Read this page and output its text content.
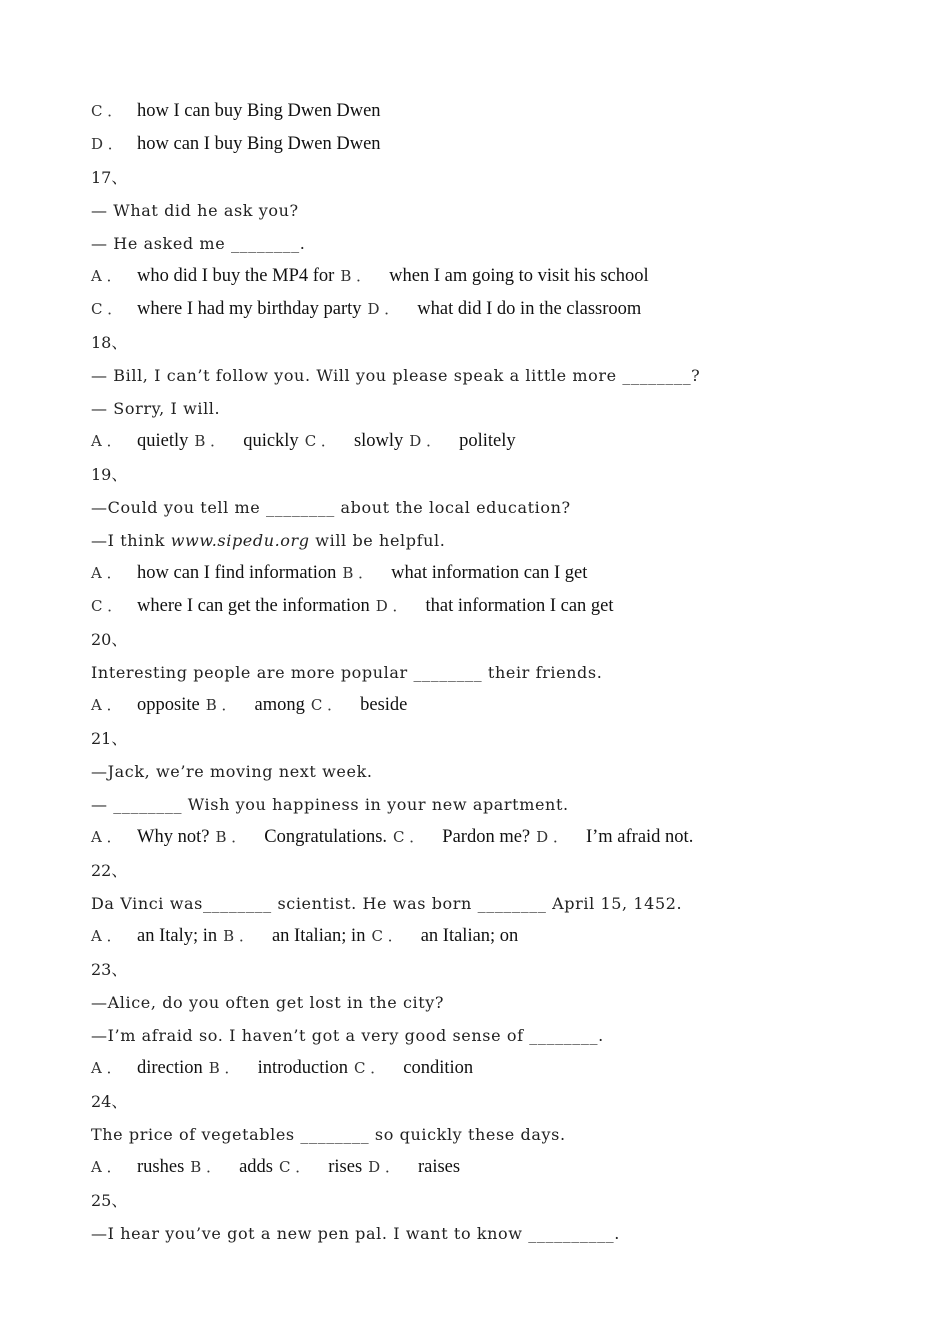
C ． how I can buy Bing Dwen Dwen
D ． how can I buy Bing Dwen Dwen
17、
— What did he ask you?
— He asked me ________.
A ． who did I buy the MP4 for B ． when I am going to visit his school
C ． where I had my birthday party D ． what did I do in the classroom
18、
— Bill, I can’t follow you. Will you please speak a little more ________?
— Sorry, I will.
A ． quietly B ． quickly C ． slowly D ． politely
19、
—Could you tell me ________ about the local education?
—I think www.sipedu.org will be helpful.
A ． how can I find information B ． what information can I get
C ． where I can get the information D ． that information I can get
20、
Interesting people are more popular ________ their friends.
A ． opposite B ． among C ． beside
21、
—Jack, we’re moving next week.
— ________ Wish you happiness in your new apartment.
A ． Why not? B ． Congratulations. C ． Pardon me? D ． I’m afraid not.
22、
Da Vinci was________ scientist. He was born ________ April 15, 1452.
A ． an Italy; in B ． an Italian; in C ． an Italian; on
23、
—Alice, do you often get lost in the city?
—I’m afraid so. I haven’t got a very good sense of ________.
A ． direction B ． introduction C ． condition
24、
The price of vegetables ________ so quickly these days.
A ． rushes B ． adds C ． rises D ． raises
25、
—I hear you’ve got a new pen pal. I want to know __________.
